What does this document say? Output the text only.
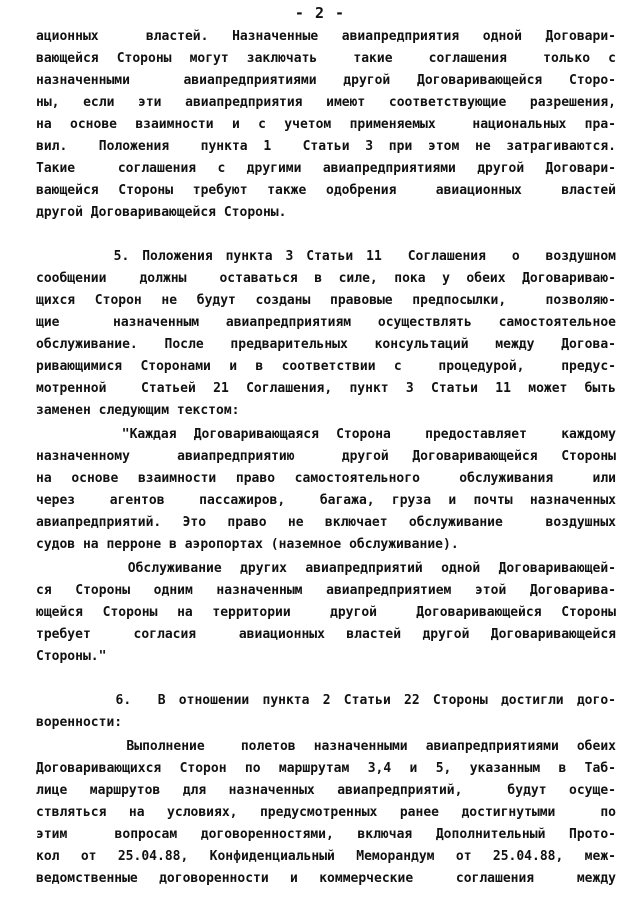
- 2 -
ационных  властей. Назначенные авиапредприятия одной Договари-
вающейся Стороны могут заключать  такие  соглашения  только с
назначенными  авиапредприятиями другой Договаривающейся Сторо-
ны, если эти авиапредприятия имеют соответствующие разрешения,
на основе взаимности и с учетом применяемых  национальных пра-
вил.  Положения  пункта 1  Статьи 3 при этом не затрагиваются.
Такие  соглашения с другими авиапредприятиями другой Договари-
вающейся Стороны требуют также одобрения  авиационных  властей
другой Договаривающейся Стороны.
5. Положения пункта 3 Статьи 11  Соглашения  о  воздушном
сообщении  должны  оставаться в силе, пока у обеих Договариваю-
щихся Сторон не будут созданы правовые предпосылки,  позволяю-
щие  назначенным авиапредприятиям осуществлять самостоятельное
обслуживание. После предварительных консультаций между Догова-
ривающимися Сторонами и в соответствии с  процедурой,  предус-
мотренной  Статьей 21 Соглашения, пункт 3 Статьи 11 может быть
заменен следующим текстом:
"Каждая Договаривающаяся Сторона  предоставляет  каждому
назначенному  авиапредприятию  другой Договаривающейся Стороны
на основе взаимности право самостоятельного  обслуживания  или
через  агентов  пассажиров,  багажа, груза и почты назначенных
авиапредприятий. Это право не включает обслуживание  воздушных
судов на перроне в аэропортах (наземное обслуживание).
Обслуживание других авиапредприятий одной Договаривающей-
ся Стороны одним назначенным авиапредприятием этой Договарива-
ющейся Стороны на территории  другой  Договаривающейся Стороны
требует  согласия  авиационных властей другой Договаривающейся
Стороны."
6.  В отношении пункта 2 Статьи 22 Стороны достигли дого-
воренности:
Выполнение  полетов назначенными авиапредприятиями обеих
Договаривающихся Сторон по маршрутам 3,4 и 5, указанным в Таб-
лице маршрутов для назначенных авиапредприятий,  будут осуще-
ствляться на условиях, предусмотренных ранее достигнутыми  по
этим  вопросам договоренностями, включая Дополнительный Прото-
кол от 25.04.88, Конфиденциальный Меморандум от 25.04.88, меж-
ведомственные договоренности и коммерческие  соглашения  между
